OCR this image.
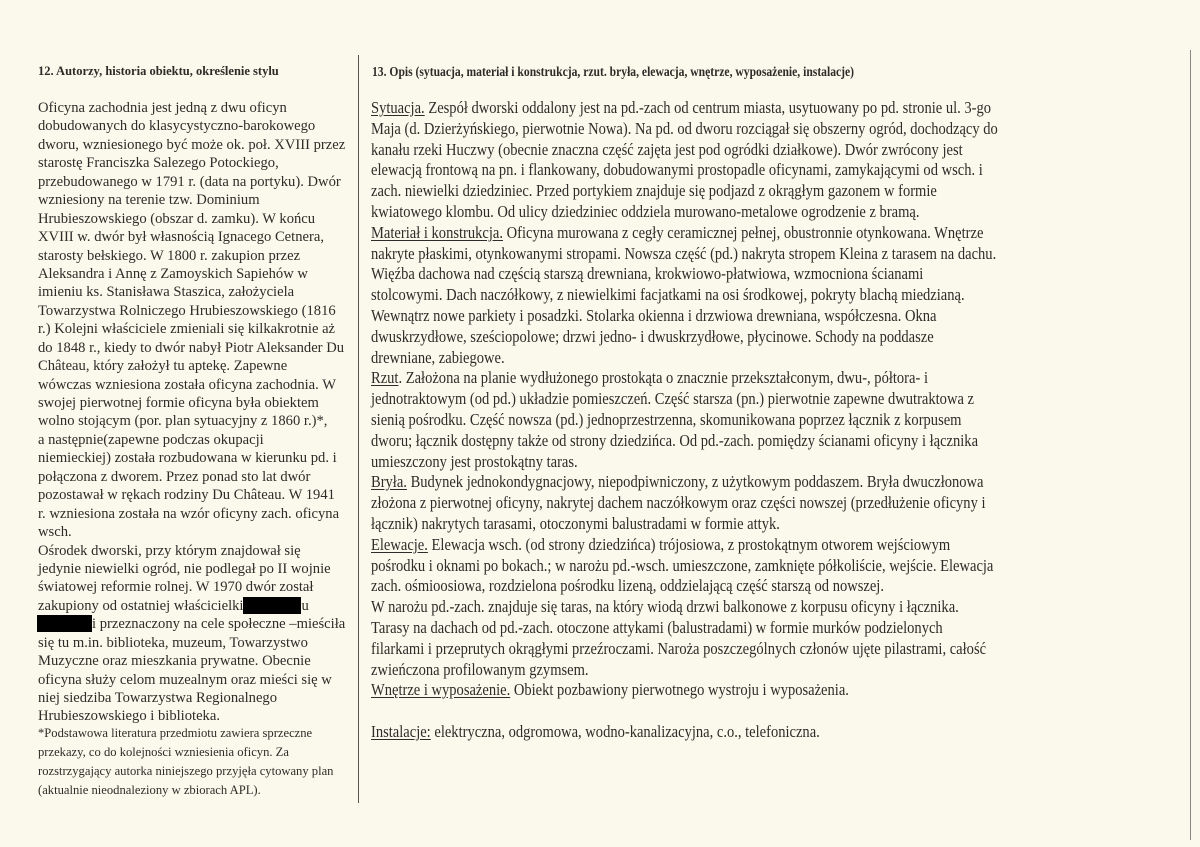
12. Autorzy, historia obiektu, określenie stylu	13. Opis (sytuacja, materiał i konstrukcja, rzut. bryła, elewacja, wnętrze, wyposażenie, instalacje)
Oficyna zachodnia jest jedną z dwu oficyn
dobudowanych do klasycystyczno-barokowego
dworu, wzniesionego być może ok. poł. XVIII przez
starostę Franciszka Salezego Potockiego,
przebudowanego w 1791 r. (data na portyku). Dwór
wzniesiony na terenie tzw. Dominium
Hrubieszowskiego (obszar d. zamku). W końcu
XVIII w. dwór był własnością Ignacego Cetnera,
starosty bełskiego. W 1800 r. zakupion przez
Aleksandra i Annę z Zamoyskich Sapiehów w
imieniu ks. Stanisława Staszica, założyciela
Towarzystwa Rolniczego Hrubieszowskiego (1816
r.) Kolejni właściciele zmieniali się kilkakrotnie aż
do 1848 r., kiedy to dwór nabył Piotr Aleksander Du
Château, który założył tu aptekę. Zapewne
wówczas wzniesiona została oficyna zachodnia. W
swojej pierwotnej formie oficyna była obiektem
wolno stojącym (por. plan sytuacyjny z 1860 r.)*,
a następnie(zapewne podczas okupacji
niemieckiej) została rozbudowana w kierunku pd. i
połączona z dworem. Przez ponad sto lat dwór
pozostawał w rękach rodziny Du Château. W 1941
r. wzniesiona została na wzór oficyny zach. oficyna
wsch.
Ośrodek dworski, przy którym znajdował się
jedynie niewielki ogród, nie podlegał po II wojnie
światowej reformie rolnej. W 1970 dwór został
zakupiony od ostatniej właścicielki	u
i przeznaczony na cele społeczne –mieściła
się tu m.in. biblioteka, muzeum, Towarzystwo
Muzyczne oraz mieszkania prywatne. Obecnie
oficyna służy celom muzealnym oraz mieści się w
niej siedziba Towarzystwa Regionalnego
Hrubieszowskiego i biblioteka.
*Podstawowa literatura przedmiotu zawiera sprzeczne
przekazy, co do kolejności wzniesienia oficyn. Za
rozstrzygający autorka niniejszego przyjęła cytowany plan
(aktualnie nieodnaleziony w zbiorach APL).
Sytuacja. Zespół dworski oddalony jest na pd.-zach od centrum miasta, usytuowany po pd. stronie ul. 3-go
Maja (d. Dzierżyńskiego, pierwotnie Nowa). Na pd. od dworu rozciągał się obszerny ogród, dochodzący do
kanału rzeki Huczwy (obecnie znaczna część zajęta jest pod ogródki działkowe). Dwór zwrócony jest
elewacją frontową na pn. i flankowany, dobudowanymi prostopadle oficynami, zamykającymi od wsch. i
zach. niewielki dziedziniec. Przed portykiem znajduje się podjazd z okrągłym gazonem w formie
kwiatowego klombu. Od ulicy dziedziniec oddziela murowano-metalowe ogrodzenie z bramą.
Materiał i konstrukcja. Oficyna murowana z cegły ceramicznej pełnej, obustronnie otynkowana. Wnętrze
nakryte płaskimi, otynkowanymi stropami. Nowsza część (pd.) nakryta stropem Kleina z tarasem na dachu.
Więźba dachowa nad częścią starszą drewniana, krokwiowo-płatwiowa, wzmocniona ścianami
stolcowymi. Dach naczółkowy, z niewielkimi facjatkami na osi środkowej, pokryty blachą miedzianą.
Wewnątrz nowe parkiety i posadzki. Stolarka okienna i drzwiowa drewniana, współczesna. Okna
dwuskrzydłowe, sześciopolowe; drzwi jedno- i dwuskrzydłowe, płycinowe. Schody na poddasze
drewniane, zabiegowe.
Rzut. Założona na planie wydłużonego prostokąta o znacznie przekształconym, dwu-, półtora- i
jednotraktowym (od pd.) układzie pomieszczeń. Część starsza (pn.) pierwotnie zapewne dwutraktowa z
sienią pośrodku. Część nowsza (pd.) jednoprzestrzenna, skomunikowana poprzez łącznik z korpusem
dworu; łącznik dostępny także od strony dziedzińca. Od pd.-zach. pomiędzy ścianami oficyny i łącznika
umieszczony jest prostokątny taras.
Bryła. Budynek jednokondygnacjowy, niepodpiwniczony, z użytkowym poddaszem. Bryła dwuczłonowa
złożona z pierwotnej oficyny, nakrytej dachem naczółkowym oraz części nowszej (przedłużenie oficyny i
łącznik) nakrytych tarasami, otoczonymi balustradami w formie attyk.
Elewacje. Elewacja wsch. (od strony dziedzińca) trójosiowa, z prostokątnym otworem wejściowym
pośrodku i oknami po bokach.; w narożu pd.-wsch. umieszczone, zamknięte półkoliście, wejście. Elewacja
zach. ośmioosiowa, rozdzielona pośrodku lizeną, oddzielającą część starszą od nowszej.
W narożu pd.-zach. znajduje się taras, na który wiodą drzwi balkonowe z korpusu oficyny i łącznika.
Tarasy na dachach od pd.-zach. otoczone attykami (balustradami) w formie murków podzielonych
filarkami i przeprutych okrągłymi przeźroczami. Naroża poszczególnych członów ujęte pilastrami, całość
zwieńczona profilowanym gzymsem.
Wnętrze i wyposażenie. Obiekt pozbawiony pierwotnego wystroju i wyposażenia.
Instalacje: elektryczna, odgromowa, wodno-kanalizacyjna, c.o., telefoniczna.
